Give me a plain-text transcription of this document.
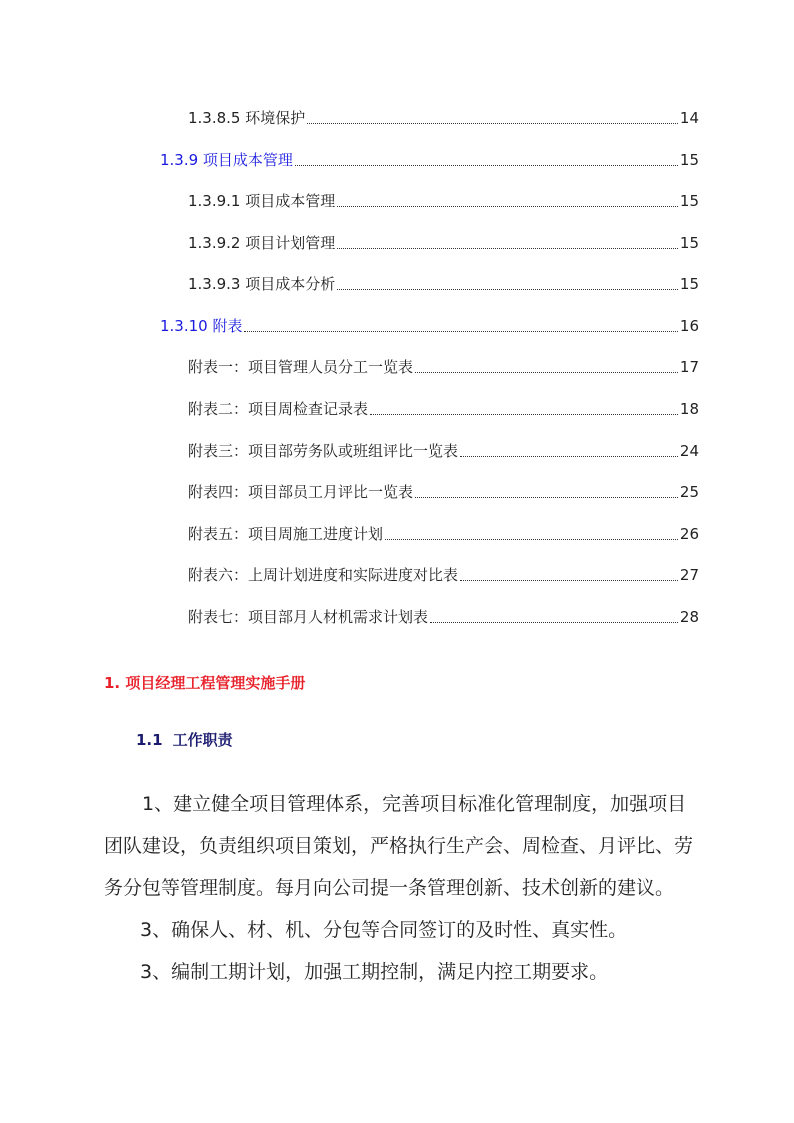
1.3.8.5 环境保护	14
1.3.9 项目成本管理	15
1.3.9.1 项目成本管理	15
1.3.9.2 项目计划管理	15
1.3.9.3 项目成本分析	15
1.3.10 附表	16
附表一：项目管理人员分工一览表	17
附表二：项目周检查记录表	18
附表三：项目部劳务队或班组评比一览表	24
附表四：项目部员工月评比一览表	25
附表五：项目周施工进度计划	26
附表六：上周计划进度和实际进度对比表	27
附表七：项目部月人材机需求计划表	28
1. 项目经理工程管理实施手册
1.1 工作职责
1、建立健全项目管理体系，完善项目标准化管理制度，加强项目团队建设，负责组织项目策划，严格执行生产会、周检查、月评比、劳务分包等管理制度。每月向公司提一条管理创新、技术创新的建议。
3、确保人、材、机、分包等合同签订的及时性、真实性。
3、编制工期计划，加强工期控制，满足内控工期要求。
